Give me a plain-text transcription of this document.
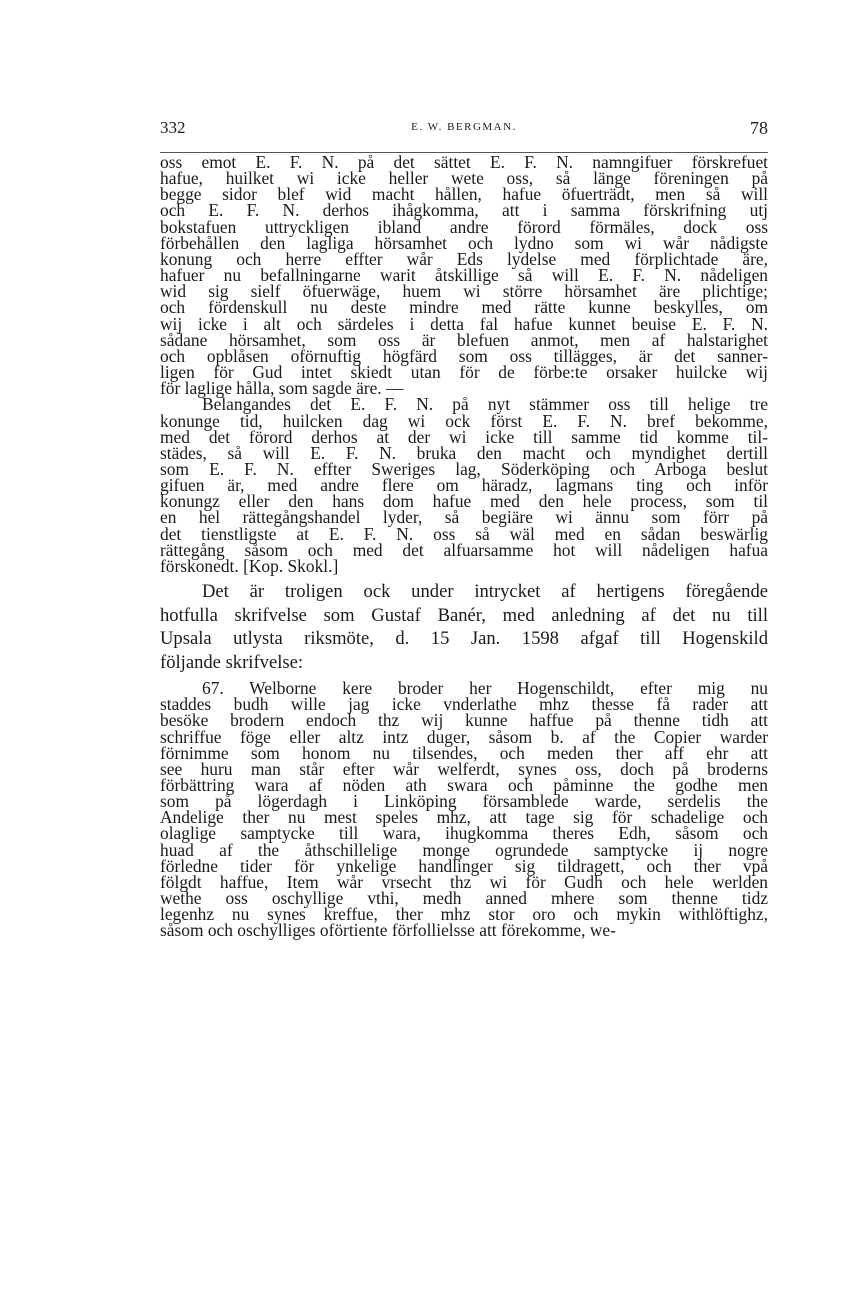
332	E. W. BERGMAN.	78
oss emot E. F. N. på det sättet E. F. N. namngifuer förskrefuet
hafue, huilket wi icke heller wete oss, så länge föreningen på
begge sidor blef wid macht hållen, hafue öfuerträdt, men så will
och E. F. N. derhos ihågkomma, att i samma förskrifning utj
bokstafuen uttryckligen ibland andre förord förmäles, dock oss
förbehållen den lagliga hörsamhet och lydno som wi wår nådigste
konung och herre effter wår Eds lydelse med förplichtade äre,
hafuer nu befallningarne warit åtskillige så will E. F. N. nådeligen
wid sig sielf öfuerwäge, huem wi större hörsamhet äre plichtige;
och fördenskull nu deste mindre med rätte kunne beskylles, om
wij icke i alt och särdeles i detta fal hafue kunnet beuise E. F. N.
sådane hörsamhet, som oss är blefuen anmot, men af halstarighet
och opblåsen oförnuftig högfärd som oss tillägges, är det sanner-
ligen för Gud intet skiedt utan för de förbe:te orsaker huilcke wij
för laglige hålla, som sagde äre. —
Belangandes det E. F. N. på nyt stämmer oss till helige tre
konunge tid, huilcken dag wi ock först E. F. N. bref bekomme,
med det förord derhos at der wi icke till samme tid komme til-
städes, så will E. F. N. bruka den macht och myndighet dertill
som E. F. N. effter Sweriges lag, Söderköping och Arboga beslut
gifuen är, med andre flere om häradz, lagmans ting och inför
konungz eller den hans dom hafue med den hele process, som til
en hel rättegångshandel lyder, så begiäre wi ännu som förr på
det tienstligste at E. F. N. oss så wäl med en sådan beswärlig
rättegång såsom och med det alfuarsamme hot will nådeligen hafua
förskonedt. [Kop. Skokl.]
Det är troligen ock under intrycket af hertigens föregående
hotfulla skrifvelse som Gustaf Banér, med anledning af det nu till
Upsala utlysta riksmöte, d. 15 Jan. 1598 afgaf till Hogenskild
följande skrifvelse:
67. Welborne kere broder her Hogenschildt, efter mig nu
staddes budh wille jag icke vnderlathe mhz thesse få rader att
besöke brodern endoch thz wij kunne haffue på thenne tidh att
schriffue föge eller altz intz duger, såsom b. af the Copier warder
förnimme som honom nu tilsendes, och meden ther aff ehr att
see huru man står efter wår welferdt, synes oss, doch på broderns
förbättring wara af nöden ath swara och påminne the godhe men
som på lögerdagh i Linköping församblede warde, serdelis the
Andelige ther nu mest speles mhz, att tage sig för schadelige och
olaglige samptycke till wara, ihugkomma theres Edh, såsom och
huad af the åthschillelige monge ogrundede samptycke ij nogre
förledne tider för ynkelige handlinger sig tildragett, och ther vpå
fölgdt haffue, Item wår vrsecht thz wi för Gudh och hele werlden
wethe oss oschyllige vthi, medh anned mhere som thenne tidz
legenhz nu synes kreffue, ther mhz stor oro och mykin withlöftighz,
såsom och oschylliges oförtiente förfollielsse att förekomme, we-
